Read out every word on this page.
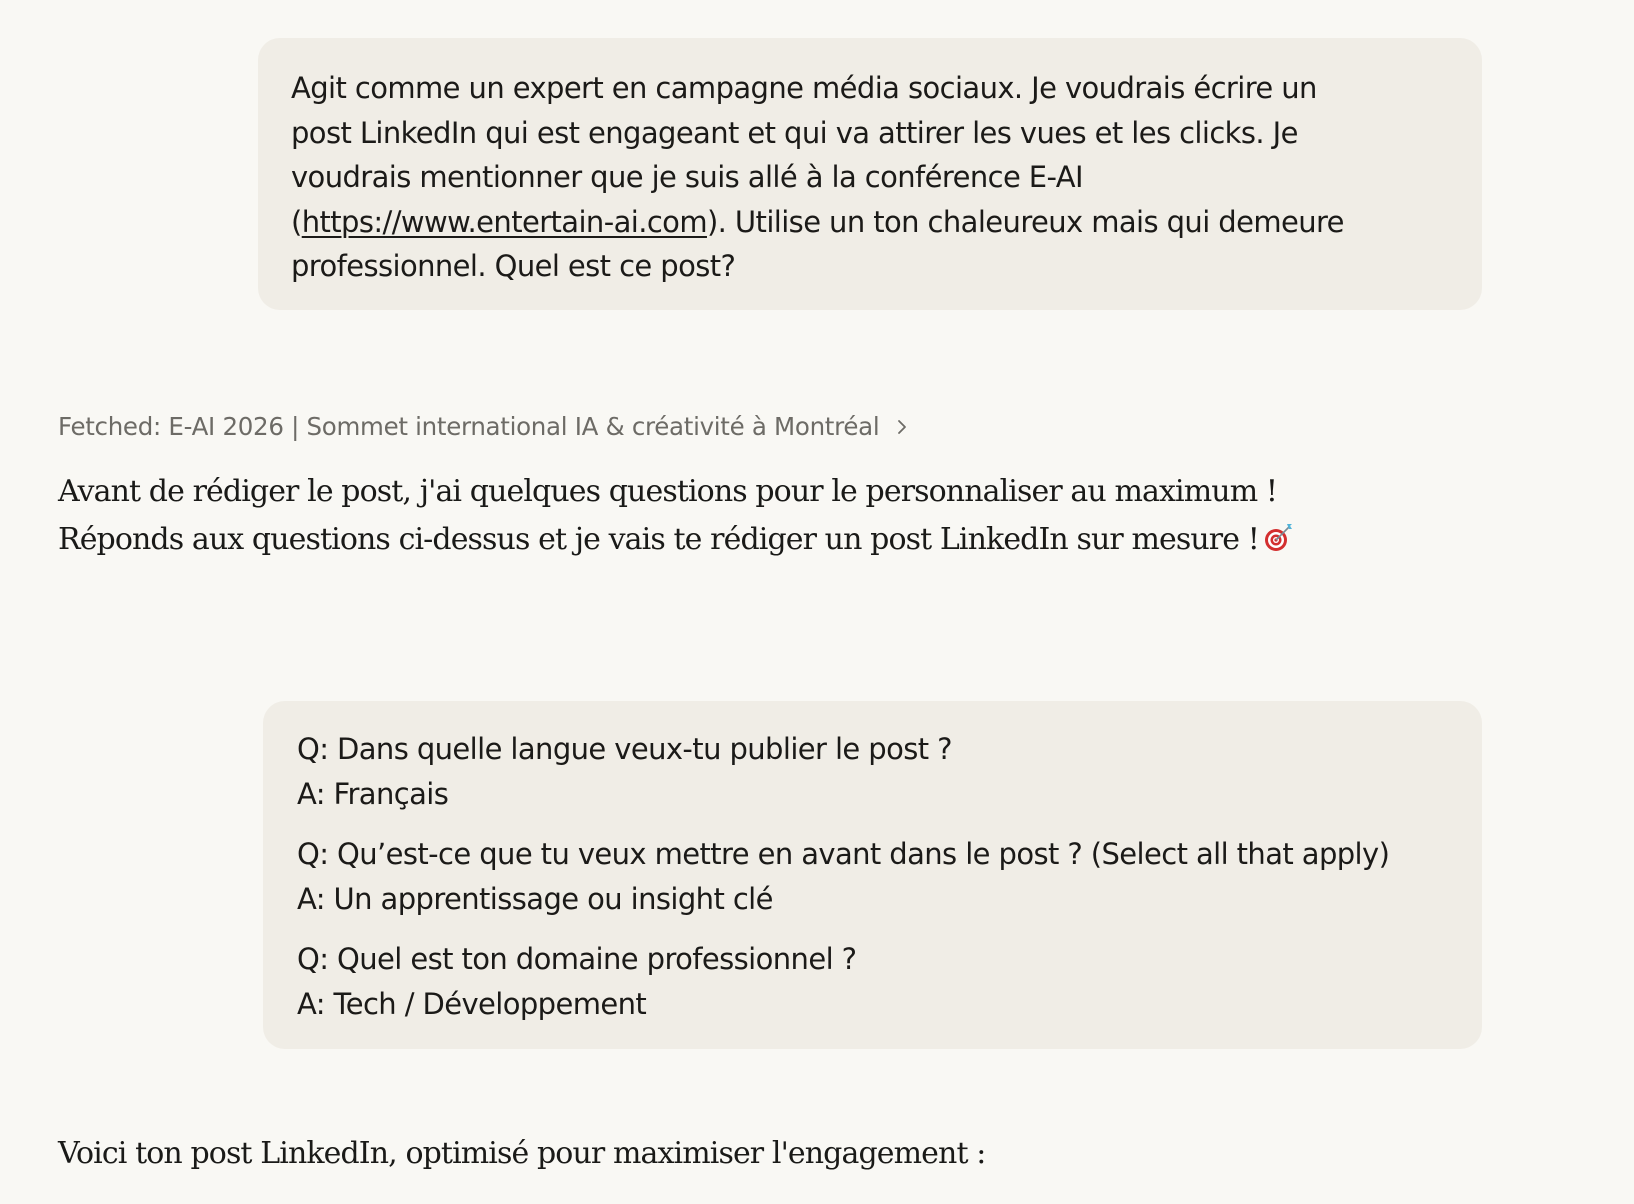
Agit comme un expert en campagne média sociaux. Je voudrais écrire un
post LinkedIn qui est engageant et qui va attirer les vues et les clicks. Je
voudrais mentionner que je suis allé à la conférence E-AI
(https://www.entertain-ai.com). Utilise un ton chaleureux mais qui demeure
professionnel. Quel est ce post?
Fetched: E-AI 2026 | Sommet international IA & créativité à Montréal
Avant de rédiger le post, j'ai quelques questions pour le personnaliser au maximum !
Réponds aux questions ci-dessus et je vais te rédiger un post LinkedIn sur mesure !
Q: Dans quelle langue veux-tu publier le post ?
A: Français
Q: Qu’est-ce que tu veux mettre en avant dans le post ? (Select all that apply)
A: Un apprentissage ou insight clé
Q: Quel est ton domaine professionnel ?
A: Tech / Développement
Voici ton post LinkedIn, optimisé pour maximiser l'engagement :
